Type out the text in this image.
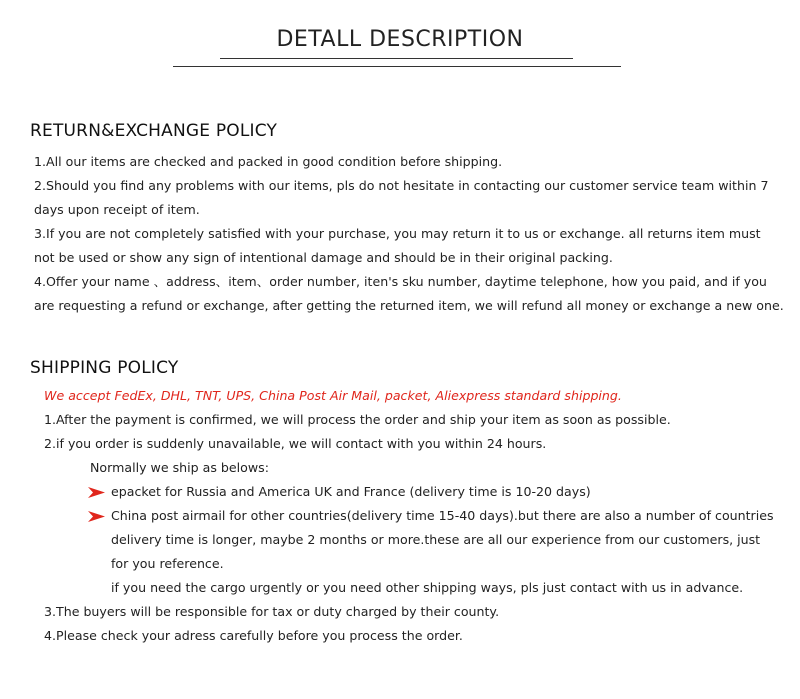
DETALL DESCRIPTION
RETURN&EXCHANGE POLICY

1.All our items are checked and packed in good condition before shipping.

2.Should you find any problems with our items, pls do not hesitate in contacting our customer service team within 7 days upon receipt of item.

3.If you are not completely satisfied with your purchase, you may return it to us or exchange. all returns item must not be used or show any sign of intentional damage and should be in their original packing.

4.Offer your name 、address、item、order number, iten's sku number, daytime telephone, how you paid, and if you are requesting a refund or exchange, after getting the returned item, we will refund all money or exchange a new one.

SHIPPING POLICY

We accept FedEx, DHL, TNT, UPS, China Post Air Mail, packet, Aliexpress standard shipping.

1.After the payment is confirmed, we will process the order and ship your item as soon as possible.

2.if you order is suddenly unavailable, we will contact with you within 24 hours.

Normally we ship as belows:

epacket for Russia and America UK and France (delivery time is 10-20 days)

China post airmail for other countries(delivery time 15-40 days).but there are also a number of countries delivery time is longer, maybe 2 months or more.these are all our experience from our customers, just for you reference.

if you need the cargo urgently or you need other shipping ways, pls just contact with us in advance.

3.The buyers will be responsible for tax or duty charged by their county.

4.Please check your adress carefully before you process the order.
